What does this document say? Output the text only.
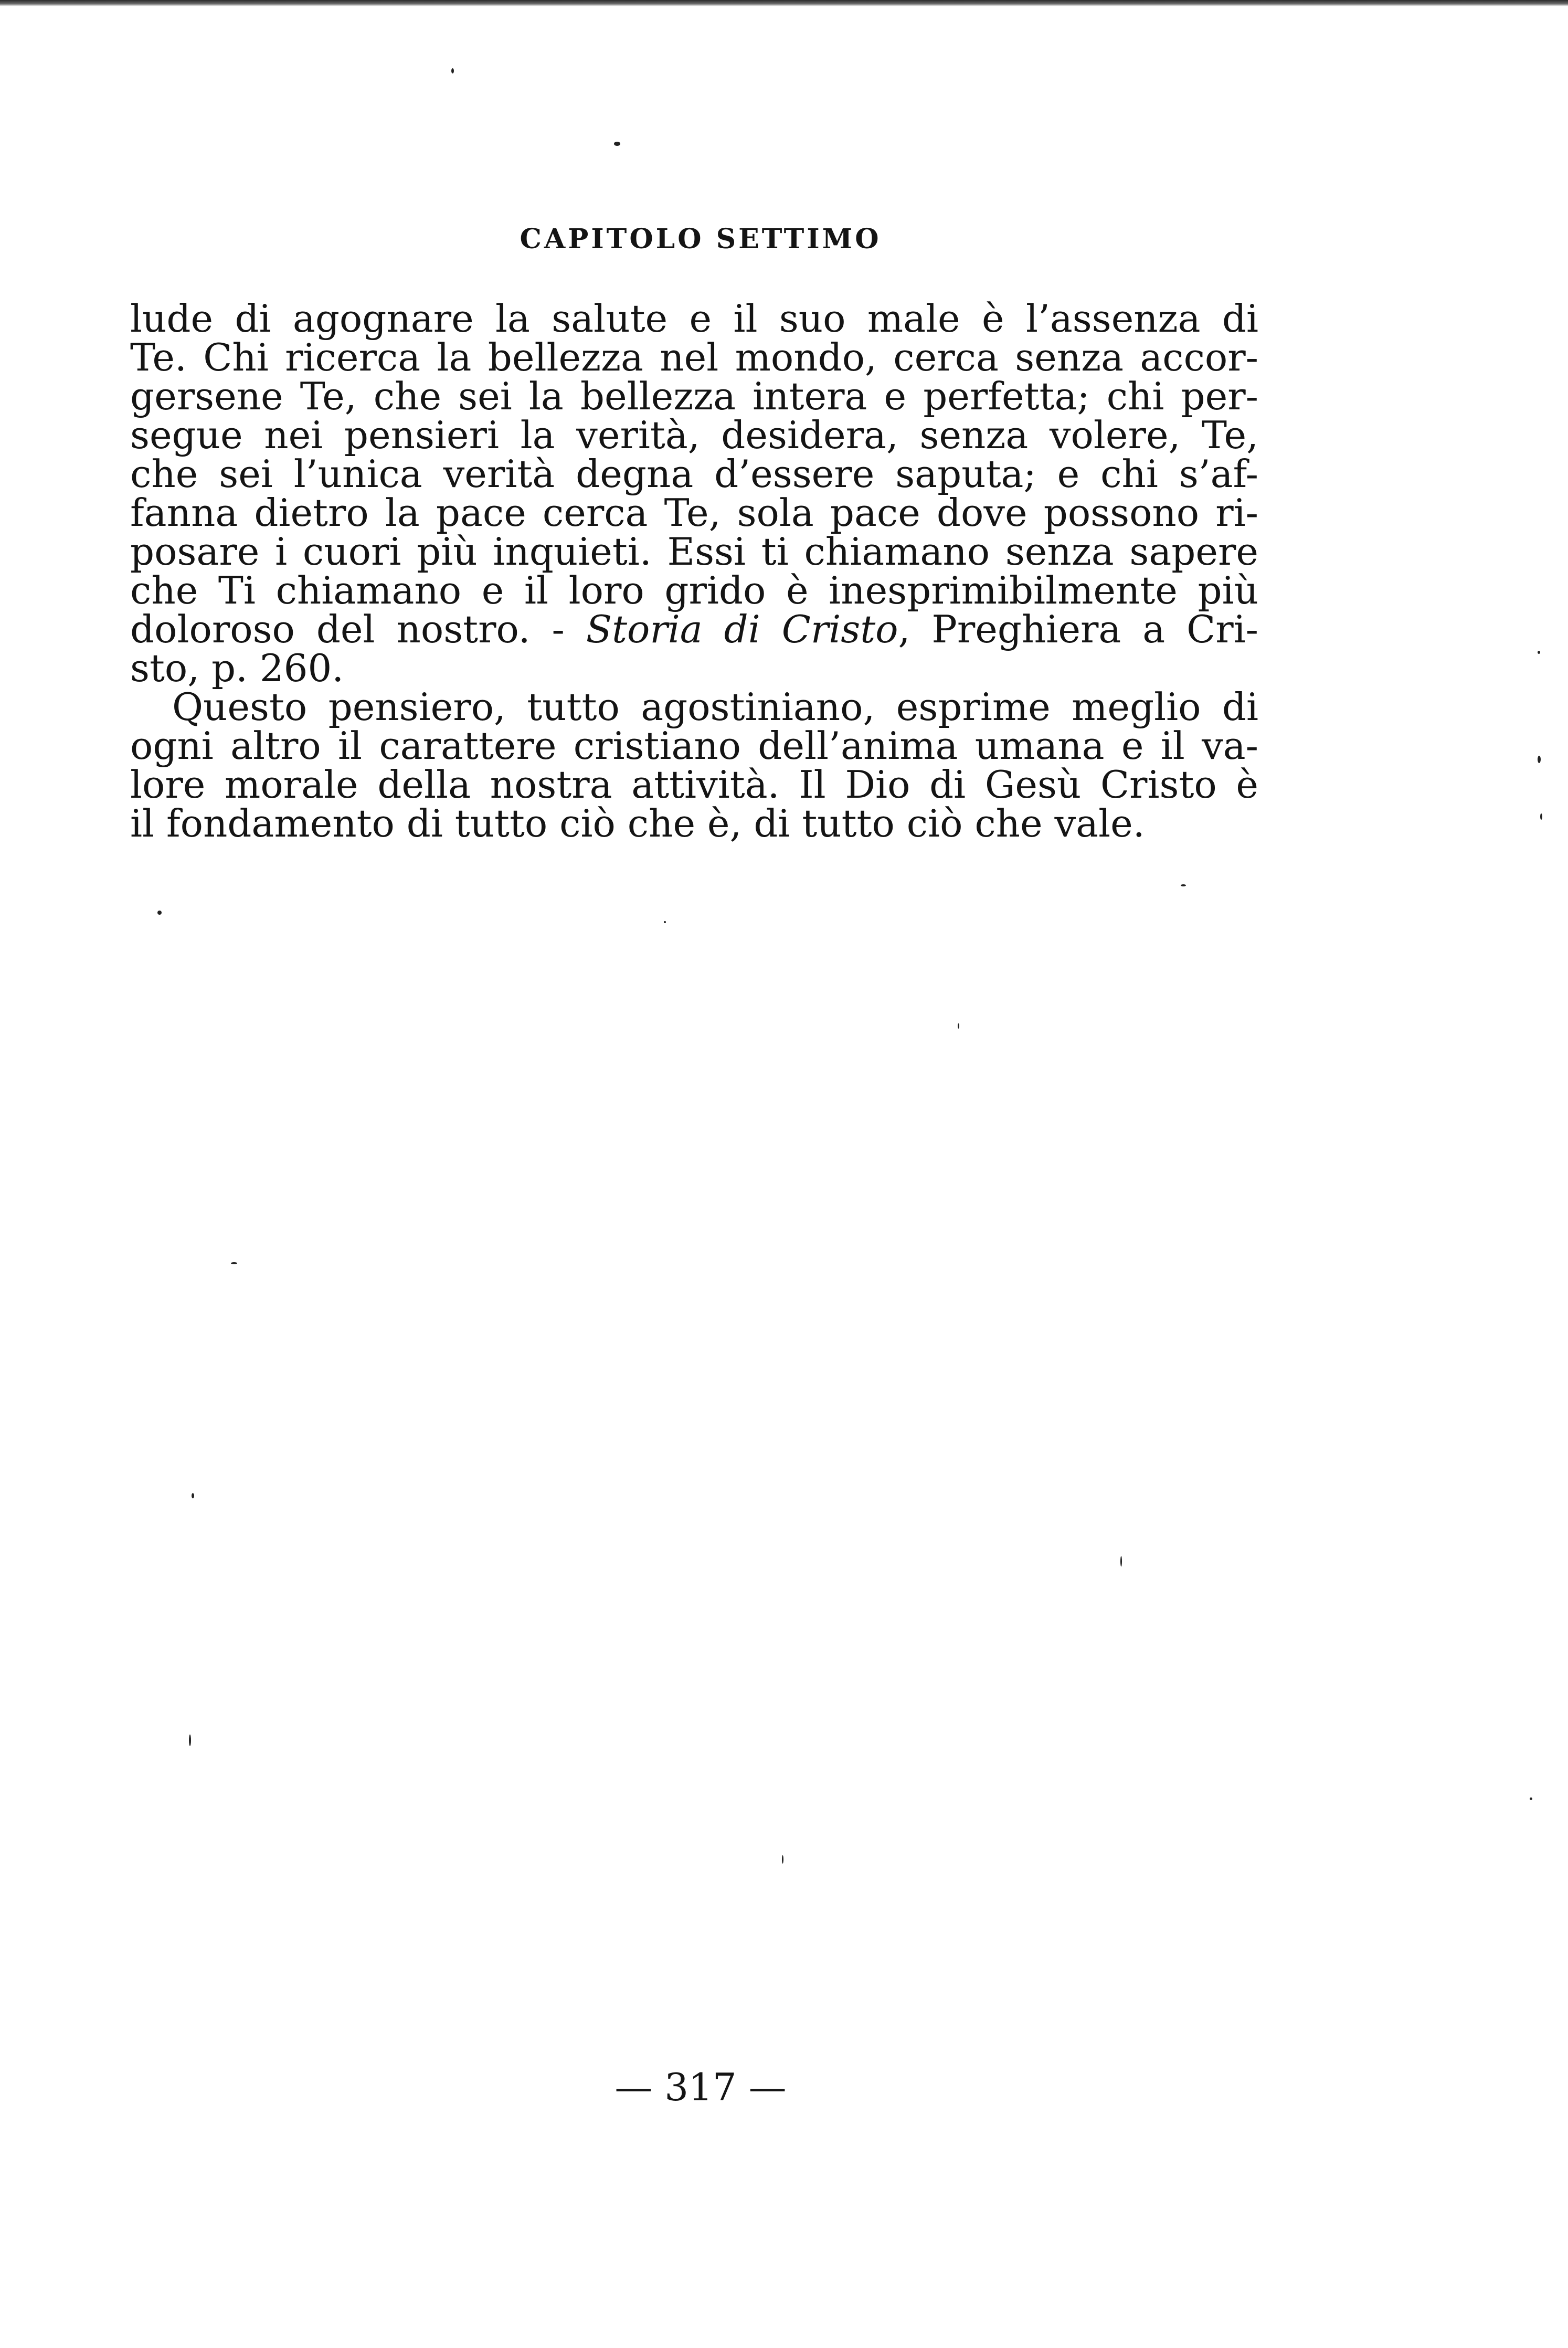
CAPITOLO SETTIMO
lude di agognare la salute e il suo male è l’assenza di
Te. Chi ricerca la bellezza nel mondo, cerca senza accor-
gersene Te, che sei la bellezza intera e perfetta; chi per-
segue nei pensieri la verità, desidera, senza volere, Te,
che sei l’unica verità degna d’essere saputa; e chi s’af-
fanna dietro la pace cerca Te, sola pace dove possono ri-
posare i cuori più inquieti. Essi ti chiamano senza sapere
che Ti chiamano e il loro grido è inesprimibilmente più
doloroso del nostro. - Storia di Cristo, Preghiera a Cri-
sto, p. 260.
Questo pensiero, tutto agostiniano, esprime meglio di
ogni altro il carattere cristiano dell’anima umana e il va-
lore morale della nostra attività. Il Dio di Gesù Cristo è
il fondamento di tutto ciò che è, di tutto ciò che vale.
— 317 —
